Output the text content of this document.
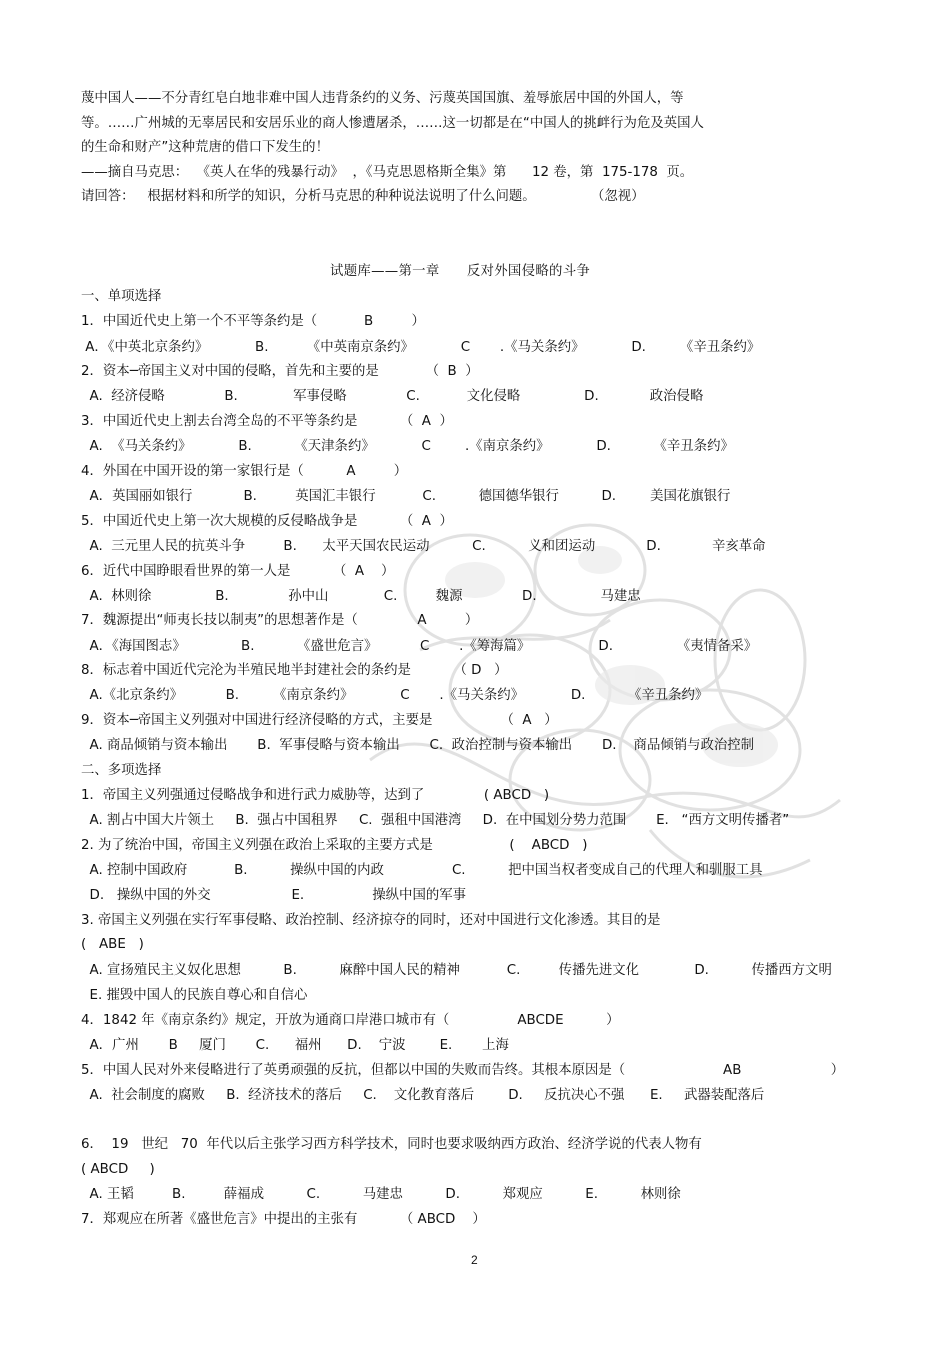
蔑中国人——不分青红皂白地非难中国人违背条约的义务、污蔑英国国旗、羞辱旅居中国的外国人，等
等。……广州城的无辜居民和安居乐业的商人惨遭屠杀，……这一切都是在“中国人的挑衅行为危及英国人
的生命和财产”这种荒唐的借口下发生的！
——摘自马克思：  《英人在华的残暴行动》  ，《马克思恩格斯全集》第      12 卷，第  175-178  页。
请回答：   根据材料和所学的知识，分析马克思的种种说法说明了什么问题。             （忽视）
试题库——第一章      反对外国侵略的斗争
一、单项选择
1．中国近代史上第一个不平等条约是（           B         ）
A．《中英北京条约》           B.         《中英南京条约》           C       .《马关条约》           D.        《辛丑条约》
2．资本─帝国主义对中国的侵略，首先和主要的是           （  B  ）
A.  经济侵略              B.             军事侵略              C.           文化侵略               D.            政治侵略
3．中国近代史上割去台湾全岛的不平等条约是          （  A  ）
A.  《马关条约》           B.          《天津条约》           C        .《南京条约》           D.          《辛丑条约》
4．外国在中国开设的第一家银行是（          A         ）
A．英国丽如银行            B.         英国汇丰银行           C.          德国德华银行          D.        美国花旗银行
5．中国近代史上第一次大规模的反侵略战争是          （  A  ）
A.  三元里人民的抗英斗争         B.      太平天国农民运动          C.          义和团运动            D.            辛亥革命
6．近代中国睁眼看世界的第一人是          （  A    ）
A.  林则徐               B.              孙中山             C.         魏源              D.               马建忠
7．魏源提出“师夷长技以制夷”的思想著作是（              A         ）
A．《海国图志》             B.          《盛世危言》          C       .《筹海篇》                D.               《夷情备采》
8．标志着中国近代完沦为半殖民地半封建社会的条约是          （ D   ）
A.《北京条约》          B.        《南京条约》           C       .《马关条约》           D.          《辛丑条约》
9．资本─帝国主义列强对中国进行经济侵略的方式，主要是                （  A   ）
A. 商品倾销与资本输出       B.  军事侵略与资本输出       C.  政治控制与资本输出       D.    商品倾销与政治控制
二、多项选择
1．帝国主义列强通过侵略战争和进行武力威胁等，达到了              ( ABCD   )
A. 割占中国大片领土     B.  强占中国租界     C.  强租中国港湾     D.  在中国划分势力范围       E.   “西方文明传播者”
2. 为了统治中国，帝国主义列强在政治上采取的主要方式是                  (    ABCD   )
A. 控制中国政府           B.          操纵中国的内政                C.          把中国当权者变成自己的代理人和驯服工具
D.   操纵中国的外交                   E.                操纵中国的军事
3. 帝国主义列强在实行军事侵略、政治控制、经济掠夺的同时，还对中国进行文化渗透。其目的是
(   ABE   )
A. 宣扬殖民主义奴化思想          B.          麻醉中国人民的精神           C.         传播先进文化             D.          传播西方文明
E. 摧毁中国人的民族自尊心和自信心
4．1842 年《南京条约》规定，开放为通商口岸港口城市有（                ABCDE          ）
A．广州       B     厦门       C.      福州      D.    宁波        E.       上海
5．中国人民对外来侵略进行了英勇顽强的反抗，但都以中国的失败而告终。其根本原因是（                       AB                     ）
A.  社会制度的腐败     B.  经济技术的落后     C.    文化教育落后        D.     反抗决心不强      E.     武器装配落后
6．  19   世纪   70  年代以后主张学习西方科学技术，同时也要求吸纳西方政治、经济学说的代表人物有
( ABCD     )
A. 王韬         B.         薛福成          C.          马建忠          D.          郑观应          E.          林则徐
7．郑观应在所著《盛世危言》中提出的主张有          （ ABCD    ）
2
